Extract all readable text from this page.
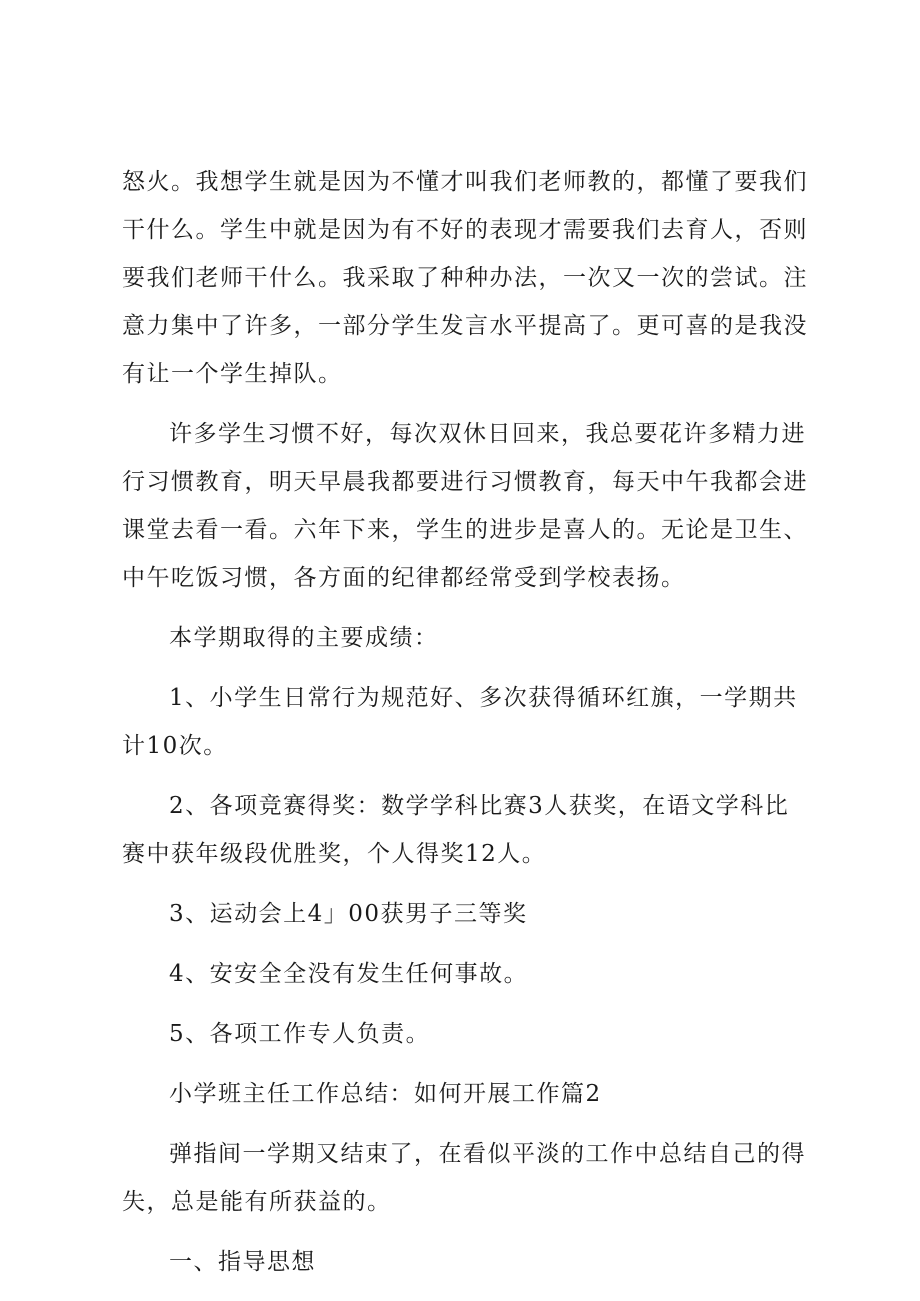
怒火。我想学生就是因为不懂才叫我们老师教的，都懂了要我们干什么。学生中就是因为有不好的表现才需要我们去育人，否则要我们老师干什么。我采取了种种办法，一次又一次的尝试。注意力集中了许多，一部分学生发言水平提高了。更可喜的是我没有让一个学生掉队。

许多学生习惯不好，每次双休日回来，我总要花许多精力进行习惯教育，明天早晨我都要进行习惯教育，每天中午我都会进课堂去看一看。六年下来，学生的进步是喜人的。无论是卫生、中午吃饭习惯，各方面的纪律都经常受到学校表扬。

本学期取得的主要成绩：

1、小学生日常行为规范好、多次获得循环红旗，一学期共计10次。

2、各项竞赛得奖：数学学科比赛3人获奖，在语文学科比赛中获年级段优胜奖，个人得奖12人。

3、运动会上4」00获男子三等奖

4、安安全全没有发生任何事故。

5、各项工作专人负责。

小学班主任工作总结：如何开展工作篇2

弹指间一学期又结束了，在看似平淡的工作中总结自己的得失，总是能有所获益的。

一、指导思想
